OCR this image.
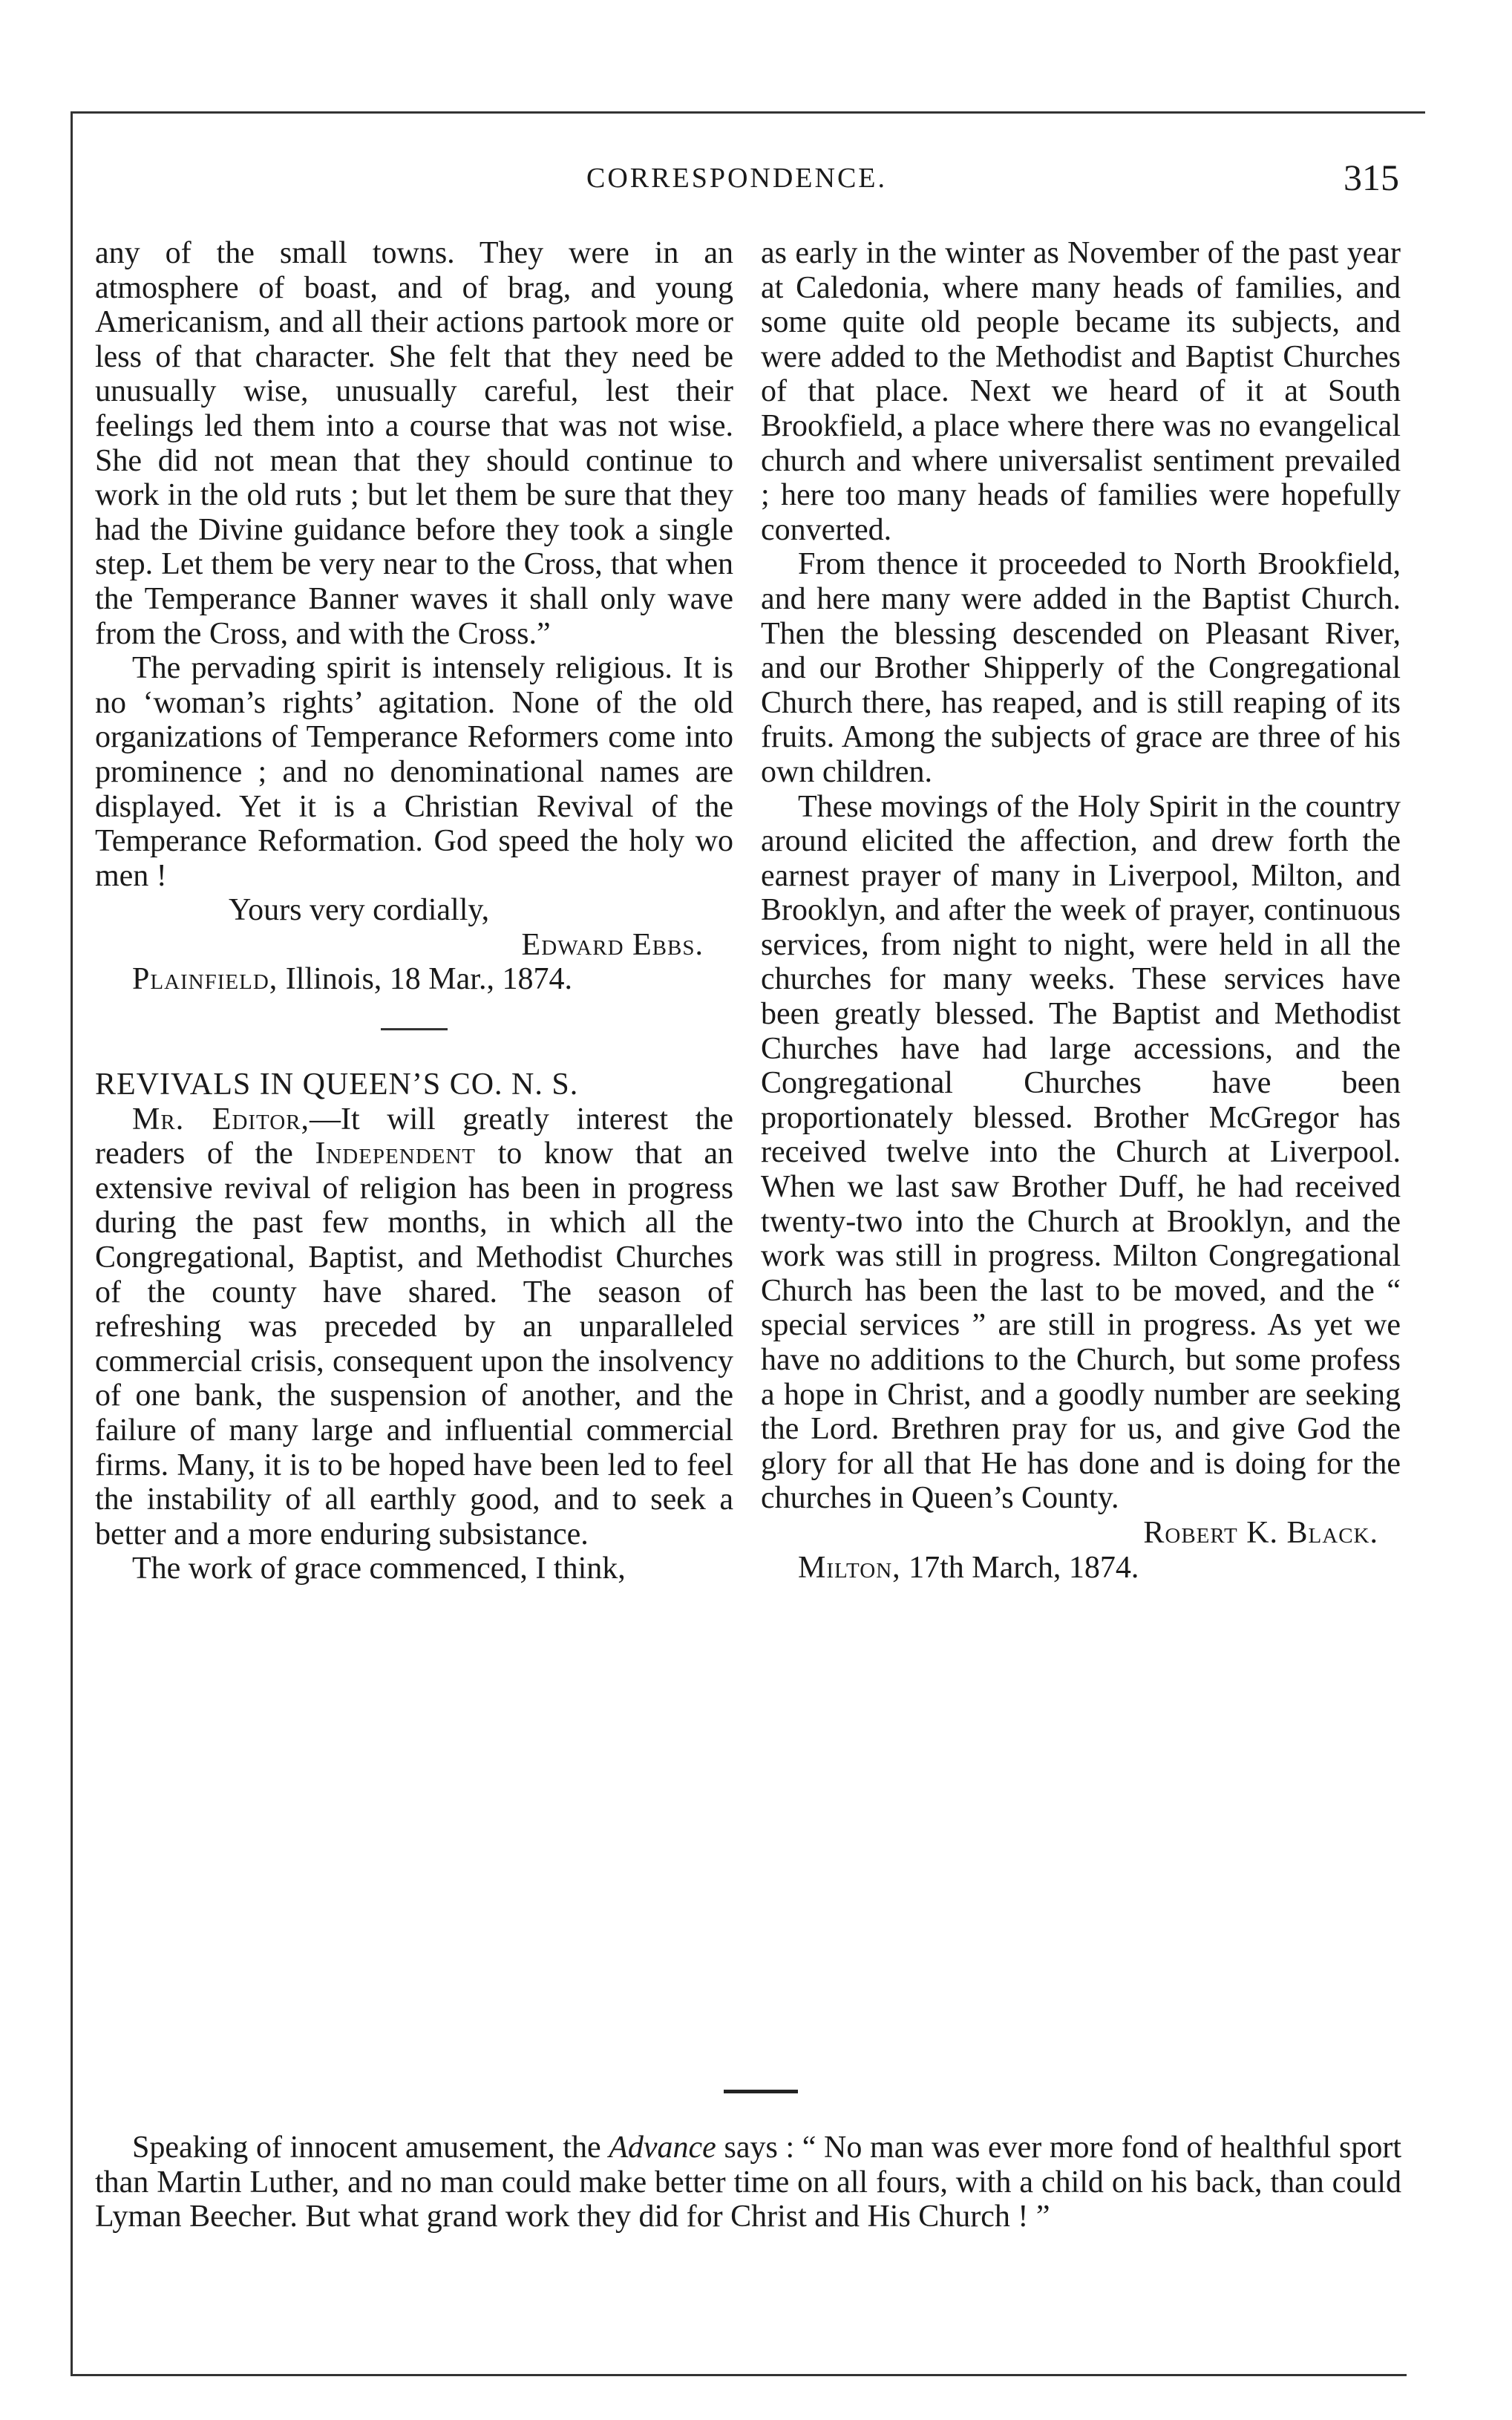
CORRESPONDENCE.	315

any of the small towns. They were in an atmosphere of boast, and of brag, and young Americanism, and all their actions partook more or less of that character. She felt that they need be unusually wise, unusually careful, lest their feelings led them into a course that was not wise. She did not mean that they should continue to work in the old ruts ; but let them be sure that they had the Divine guidance before they took a single step. Let them be very near to the Cross, that when the Temperance Banner waves it shall only wave from the Cross, and with the Cross.”

The pervading spirit is intensely religious. It is no ‘woman’s rights’ agitation. None of the old organizations of Temperance Reformers come into prominence ; and no denominational names are displayed. Yet it is a Christian Revival of the Temperance Reformation. God speed the holy wo men !

Yours very cordially,

Edward Ebbs.

Plainfield, Illinois, 18 Mar., 1874.

REVIVALS IN QUEEN’S CO. N. S.

Mr. Editor,—It will greatly interest the readers of the Independent to know that an extensive revival of religion has been in progress during the past few months, in which all the Congregational, Baptist, and Methodist Churches of the county have shared. The season of refreshing was preceded by an unparalleled commercial crisis, consequent upon the insolvency of one bank, the suspension of another, and the failure of many large and influential commercial firms. Many, it is to be hoped have been led to feel the instability of all earthly good, and to seek a better and a more enduring subsistance.

The work of grace commenced, I think,

as early in the winter as November of the past year at Caledonia, where many heads of families, and some quite old people became its subjects, and were added to the Methodist and Baptist Churches of that place. Next we heard of it at South Brookfield, a place where there was no evangelical church and where universalist sentiment prevailed ; here too many heads of families were hopefully converted.

From thence it proceeded to North Brookfield, and here many were added in the Baptist Church. Then the blessing descended on Pleasant River, and our Brother Shipperly of the Congregational Church there, has reaped, and is still reaping of its fruits. Among the subjects of grace are three of his own children.

These movings of the Holy Spirit in the country around elicited the affection, and drew forth the earnest prayer of many in Liverpool, Milton, and Brooklyn, and after the week of prayer, continuous services, from night to night, were held in all the churches for many weeks. These services have been greatly blessed. The Baptist and Methodist Churches have had large accessions, and the Congregational Churches have been proportionately blessed. Brother McGregor has received twelve into the Church at Liverpool. When we last saw Brother Duff, he had received twenty-two into the Church at Brooklyn, and the work was still in progress. Milton Congregational Church has been the last to be moved, and the “ special services ” are still in progress. As yet we have no additions to the Church, but some profess a hope in Christ, and a goodly number are seeking the Lord. Brethren pray for us, and give God the glory for all that He has done and is doing for the churches in Queen’s County.

Robert K. Black.

Milton, 17th March, 1874.

Speaking of innocent amusement, the Advance says : “ No man was ever more fond of healthful sport than Martin Luther, and no man could make better time on all fours, with a child on his back, than could Lyman Beecher. But what grand work they did for Christ and His Church ! ”
